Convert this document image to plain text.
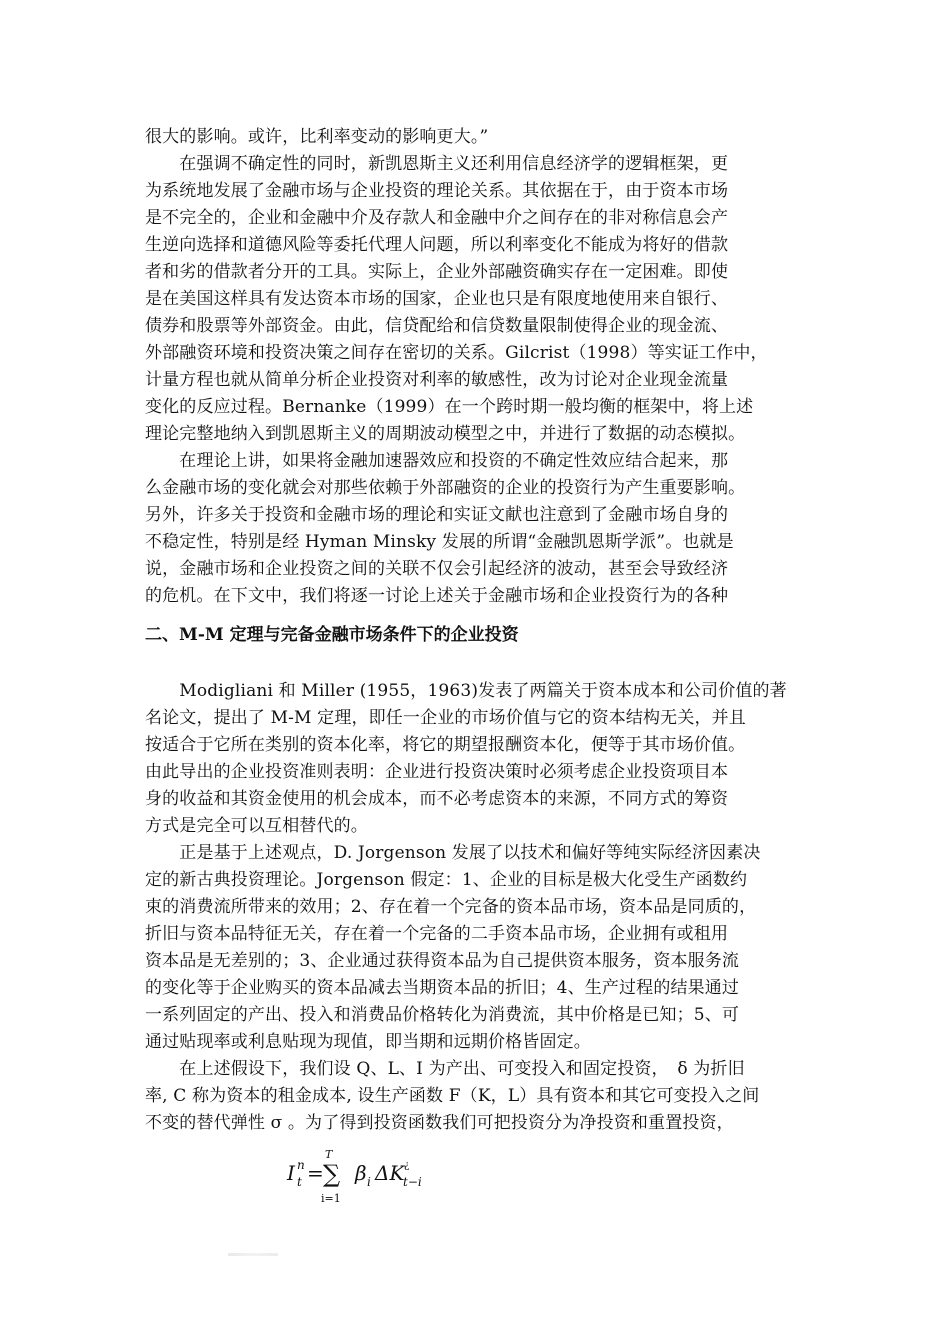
很大的影响。或许，比利率变动的影响更大。”
　　在强调不确定性的同时，新凯恩斯主义还利用信息经济学的逻辑框架，更
为系统地发展了金融市场与企业投资的理论关系。其依据在于，由于资本市场
是不完全的，企业和金融中介及存款人和金融中介之间存在的非对称信息会产
生逆向选择和道德风险等委托代理人问题，所以利率变化不能成为将好的借款
者和劣的借款者分开的工具。实际上，企业外部融资确实存在一定困难。即使
是在美国这样具有发达资本市场的国家，企业也只是有限度地使用来自银行、
债券和股票等外部资金。由此，信贷配给和信贷数量限制使得企业的现金流、
外部融资环境和投资决策之间存在密切的关系。Gilcrist（1998）等实证工作中，
计量方程也就从简单分析企业投资对利率的敏感性，改为讨论对企业现金流量
变化的反应过程。Bernanke（1999）在一个跨时期一般均衡的框架中，将上述
理论完整地纳入到凯恩斯主义的周期波动模型之中，并进行了数据的动态模拟。
　　在理论上讲，如果将金融加速器效应和投资的不确定性效应结合起来，那
么金融市场的变化就会对那些依赖于外部融资的企业的投资行为产生重要影响。
另外，许多关于投资和金融市场的理论和实证文献也注意到了金融市场自身的
不稳定性，特别是经 Hyman Minsky 发展的所谓“金融凯恩斯学派”。也就是
说，金融市场和企业投资之间的关联不仅会引起经济的波动，甚至会导致经济
的危机。在下文中，我们将逐一讨论上述关于金融市场和企业投资行为的各种
二、M-M 定理与完备金融市场条件下的企业投资
　　Modigliani 和 Miller (1955，1963)发表了两篇关于资本成本和公司价值的著
名论文，提出了 M-M 定理，即任一企业的市场价值与它的资本结构无关，并且
按适合于它所在类别的资本化率，将它的期望报酬资本化，便等于其市场价值。
由此导出的企业投资准则表明：企业进行投资决策时必须考虑企业投资项目本
身的收益和其资金使用的机会成本，而不必考虑资本的来源，不同方式的筹资
方式是完全可以互相替代的。
　　正是基于上述观点，D. Jorgenson 发展了以技术和偏好等纯实际经济因素决
定的新古典投资理论。Jorgenson 假定：1、企业的目标是极大化受生产函数约
束的消费流所带来的效用；2、存在着一个完备的资本品市场，资本品是同质的，
折旧与资本品特征无关，存在着一个完备的二手资本品市场，企业拥有或租用
资本品是无差别的；3、企业通过获得资本品为自己提供资本服务，资本服务流
的变化等于企业购买的资本品减去当期资本品的折旧；4、生产过程的结果通过
一系列固定的产出、投入和消费品价格转化为消费流，其中价格是已知；5、可
通过贴现率或利息贴现为现值，即当期和远期价格皆固定。
　　在上述假设下，我们设 Q、L、I 为产出、可变投入和固定投资，　δ 为折旧
率, C 称为资本的租金成本, 设生产函数 F（K，L）具有资本和其它可变投入之间
不变的替代弹性 σ 。为了得到投资函数我们可把投资分为净投资和重置投资，
I n
t =
T
∑
i=1
β i ΔK ¿
t−i
